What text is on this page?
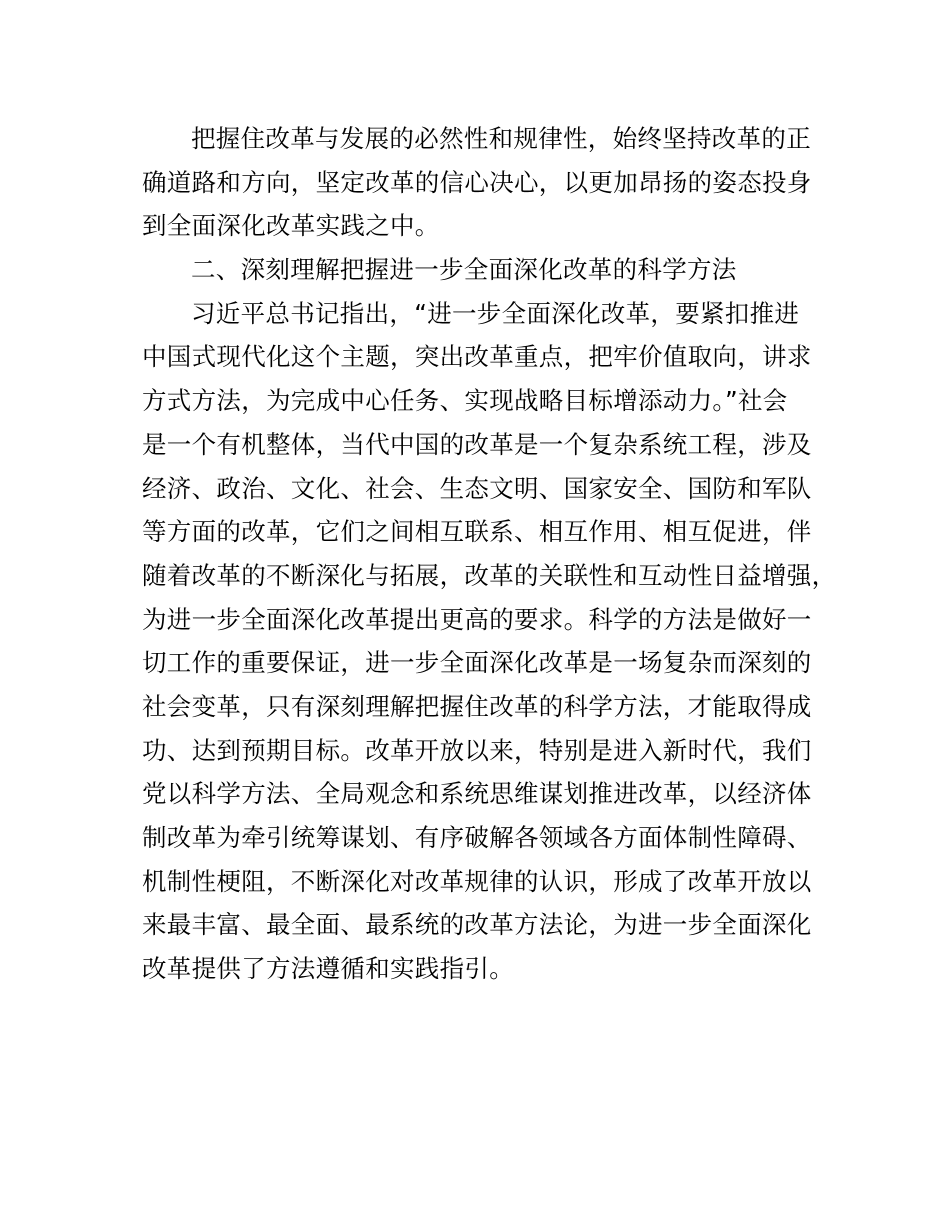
把握住改革与发展的必然性和规律性，始终坚持改革的正
确道路和方向，坚定改革的信心决心，以更加昂扬的姿态投身
到全面深化改革实践之中。
二、深刻理解把握进一步全面深化改革的科学方法
习近平总书记指出，“进一步全面深化改革，要紧扣推进
中国式现代化这个主题，突出改革重点，把牢价值取向，讲求
方式方法，为完成中心任务、实现战略目标增添动力。”社会
是一个有机整体，当代中国的改革是一个复杂系统工程，涉及
经济、政治、文化、社会、生态文明、国家安全、国防和军队
等方面的改革，它们之间相互联系、相互作用、相互促进，伴
随着改革的不断深化与拓展，改革的关联性和互动性日益增强，
为进一步全面深化改革提出更高的要求。科学的方法是做好一
切工作的重要保证，进一步全面深化改革是一场复杂而深刻的
社会变革，只有深刻理解把握住改革的科学方法，才能取得成
功、达到预期目标。改革开放以来，特别是进入新时代，我们
党以科学方法、全局观念和系统思维谋划推进改革，以经济体
制改革为牵引统筹谋划、有序破解各领域各方面体制性障碍、
机制性梗阻，不断深化对改革规律的认识，形成了改革开放以
来最丰富、最全面、最系统的改革方法论，为进一步全面深化
改革提供了方法遵循和实践指引。
